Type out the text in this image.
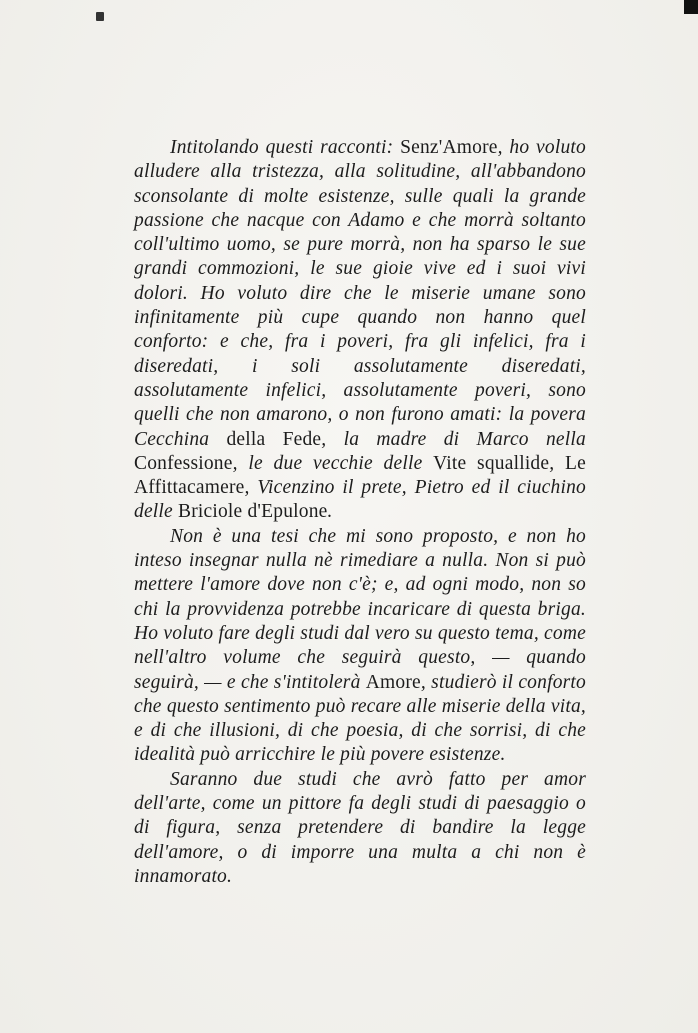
Intitolando questi racconti: Senz'Amore, ho voluto alludere alla tristezza, alla solitudine, all'abbandono sconsolante di molte esistenze, sulle quali la grande passione che nacque con Adamo e che morrà soltanto coll'ultimo uomo, se pure morrà, non ha sparso le sue grandi commozioni, le sue gioie vive ed i suoi vivi dolori. Ho voluto dire che le miserie umane sono infinitamente più cupe quando non hanno quel conforto: e che, fra i poveri, fra gli infelici, fra i diseredati, i soli assolutamente diseredati, assolutamente infelici, assolutamente poveri, sono quelli che non amarono, o non furono amati: la povera Cecchina della Fede, la madre di Marco nella Confessione, le due vecchie delle Vite squallide, Le Affittacamere, Vicenzino il prete, Pietro ed il ciuchino delle Briciole d'Epulone.

Non è una tesi che mi sono proposto, e non ho inteso insegnar nulla nè rimediare a nulla. Non si può mettere l'amore dove non c'è; e, ad ogni modo, non so chi la provvidenza potrebbe incaricare di questa briga. Ho voluto fare degli studi dal vero su questo tema, come nell'altro volume che seguirà questo, — quando seguirà, — e che s'intitolerà Amore, studierò il conforto che questo sentimento può recare alle miserie della vita, e di che illusioni, di che poesia, di che sorrisi, di che idealità può arricchire le più povere esistenze.

Saranno due studi che avrò fatto per amor dell'arte, come un pittore fa degli studi di paesaggio o di figura, senza pretendere di bandire la legge dell'amore, o di imporre una multa a chi non è innamorato.
